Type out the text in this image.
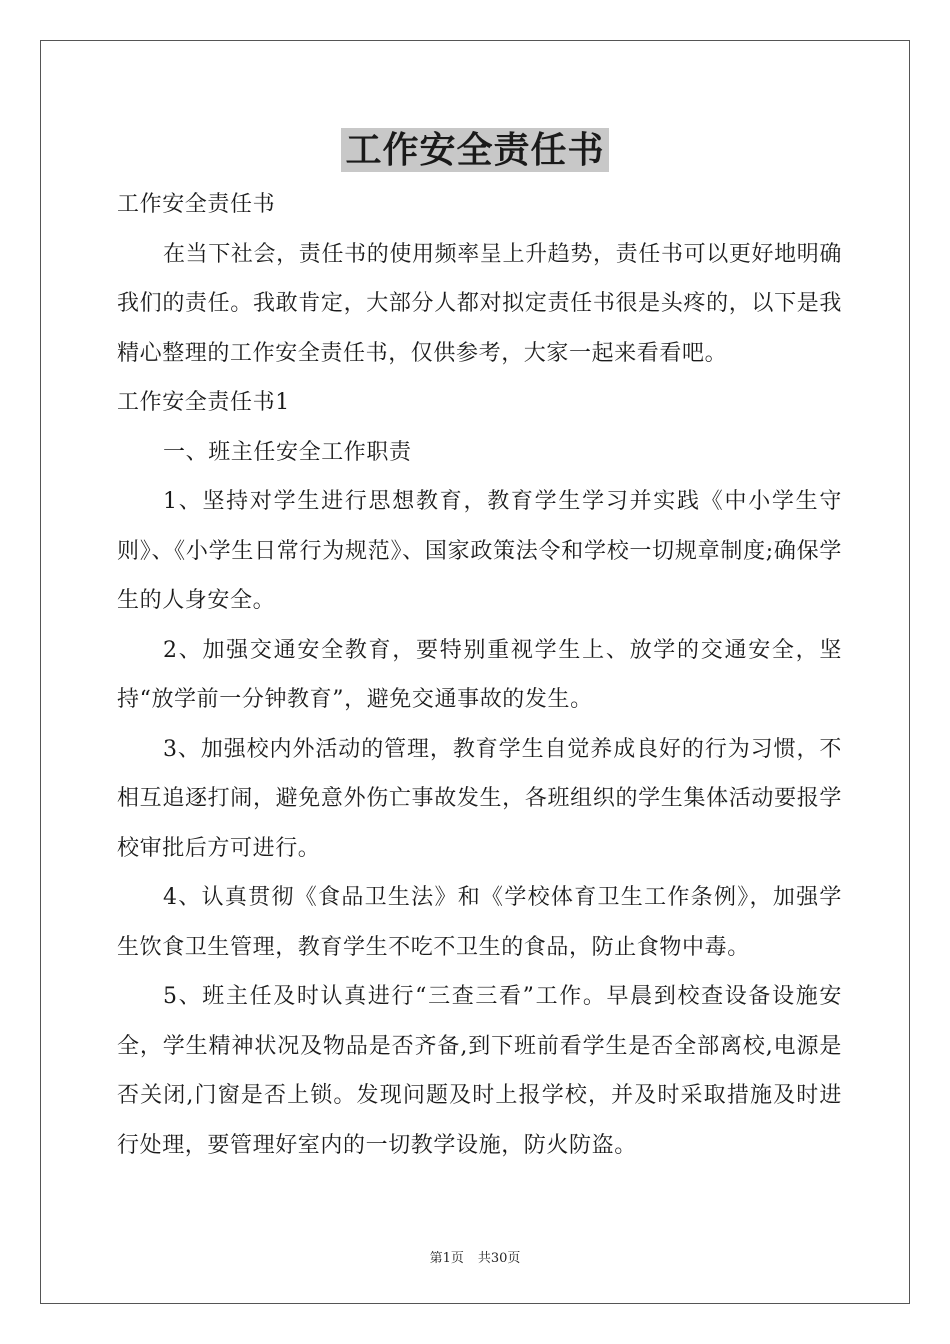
工作安全责任书

工作安全责任书

在当下社会，责任书的使用频率呈上升趋势，责任书可以更好地明确我们的责任。我敢肯定，大部分人都对拟定责任书很是头疼的，以下是我精心整理的工作安全责任书，仅供参考，大家一起来看看吧。

工作安全责任书1

一、班主任安全工作职责

1、坚持对学生进行思想教育，教育学生学习并实践《中小学生守则》、《小学生日常行为规范》、国家政策法令和学校一切规章制度;确保学生的人身安全。

2、加强交通安全教育，要特别重视学生上、放学的交通安全，坚持“放学前一分钟教育”，避免交通事故的发生。

3、加强校内外活动的管理，教育学生自觉养成良好的行为习惯，不相互追逐打闹，避免意外伤亡事故发生，各班组织的学生集体活动要报学校审批后方可进行。

4、认真贯彻《食品卫生法》和《学校体育卫生工作条例》，加强学生饮食卫生管理，教育学生不吃不卫生的食品，防止食物中毒。

5、班主任及时认真进行“三查三看”工作。早晨到校查设备设施安全，学生精神状况及物品是否齐备,到下班前看学生是否全部离校,电源是否关闭,门窗是否上锁。发现问题及时上报学校，并及时采取措施及时进行处理，要管理好室内的一切教学设施，防火防盗。

第1页 共30页
